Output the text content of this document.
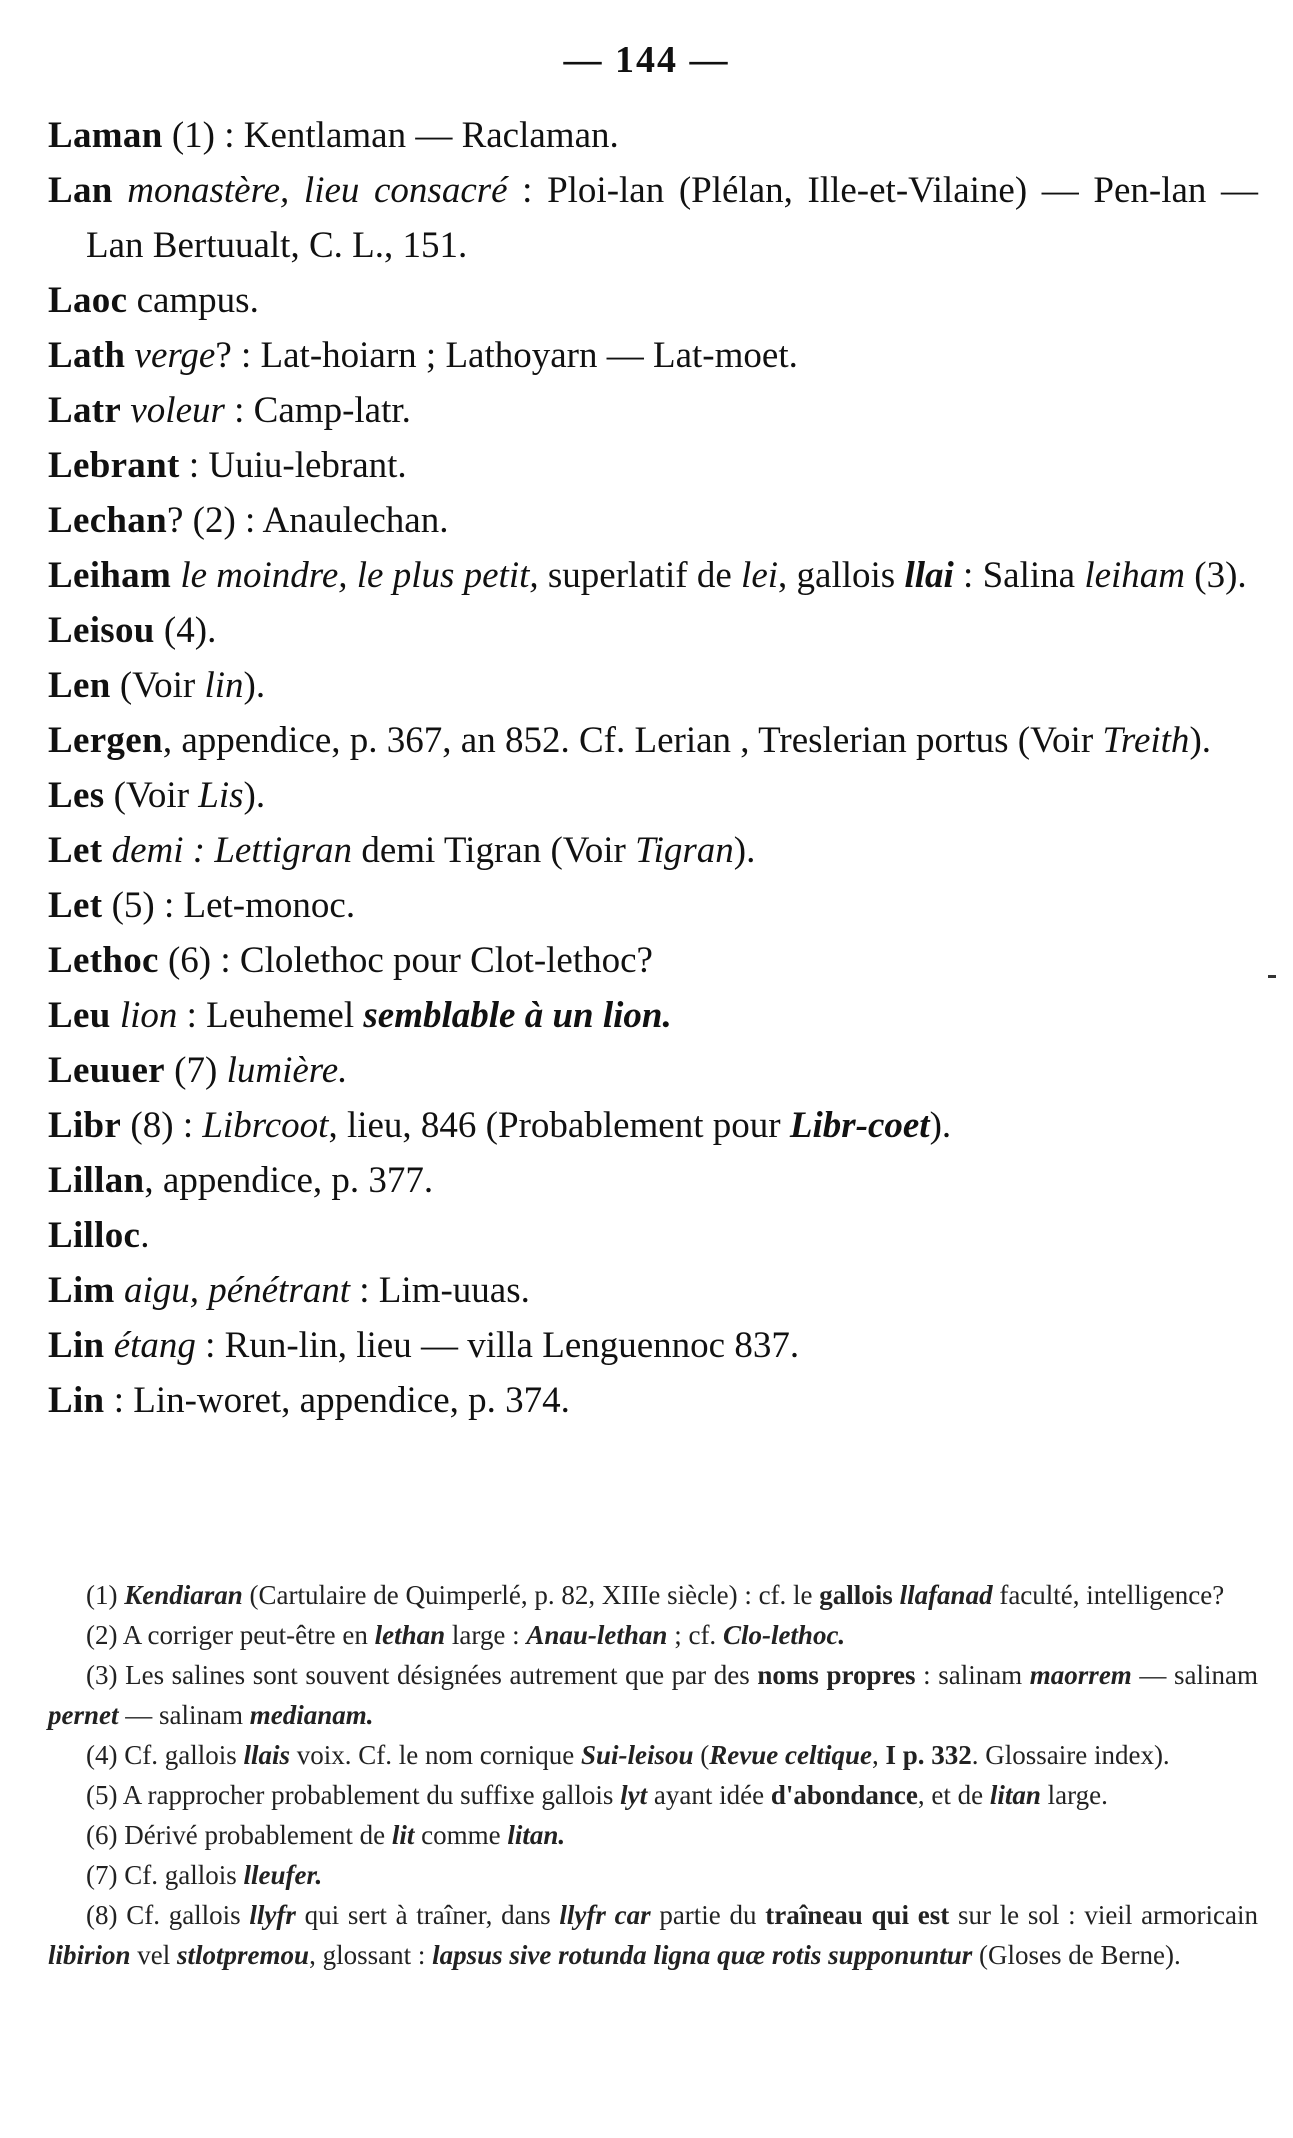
— 144 —
Laman (1) : Kentlaman — Raclaman.
Lan monastère, lieu consacré : Ploi-lan (Plélan, Ille-et-Vilaine) — Pen-lan — Lan Bertuualt, C. L., 151.
Laoc campus.
Lath verge? : Lat-hoiarn ; Lathoyarn — Lat-moet.
Latr voleur : Camp-latr.
Lebrant : Uuiu-lebrant.
Lechan? (2) : Anaulechan.
Leiham le moindre, le plus petit, superlatif de lei, gallois llai : Salina leiham (3).
Leisou (4).
Len (Voir lin).
Lergen, appendice, p. 367, an 852. Cf. Lerian , Treslerian portus (Voir Treith).
Les (Voir Lis).
Let demi : Lettigran demi Tigran (Voir Tigran).
Let (5) : Let-monoc.
Lethoc (6) : Clolethoc pour Clot-lethoc?
Leu lion : Leuhemel semblable à un lion.
Leuuer (7) lumière.
Libr (8) : Librcoot, lieu, 846 (Probablement pour Libr-coet).
Lillan, appendice, p. 377.
Lilloc.
Lim aigu, pénétrant : Lim-uuas.
Lin étang : Run-lin, lieu — villa Lenguennoc 837.
Lin : Lin-woret, appendice, p. 374.
(1) Kendiaran (Cartulaire de Quimperlé, p. 82, XIIIe siècle) : cf. le gallois llafanad faculté, intelligence?
(2) A corriger peut-être en lethan large : Anau-lethan ; cf. Clo-lethoc.
(3) Les salines sont souvent désignées autrement que par des noms propres : salinam maorrem — salinam pernet — salinam medianam.
(4) Cf. gallois llais voix. Cf. le nom cornique Sui-leisou (Revue celtique, I p. 332. Glossaire index).
(5) A rapprocher probablement du suffixe gallois lyt ayant idée d'abondance, et de litan large.
(6) Dérivé probablement de lit comme litan.
(7) Cf. gallois lleufer.
(8) Cf. gallois llyfr qui sert à traîner, dans llyfr car partie du traîneau qui est sur le sol : vieil armoricain libirion vel stlotpremou, glossant : lapsus sive rotunda ligna quæ rotis supponuntur (Gloses de Berne).
